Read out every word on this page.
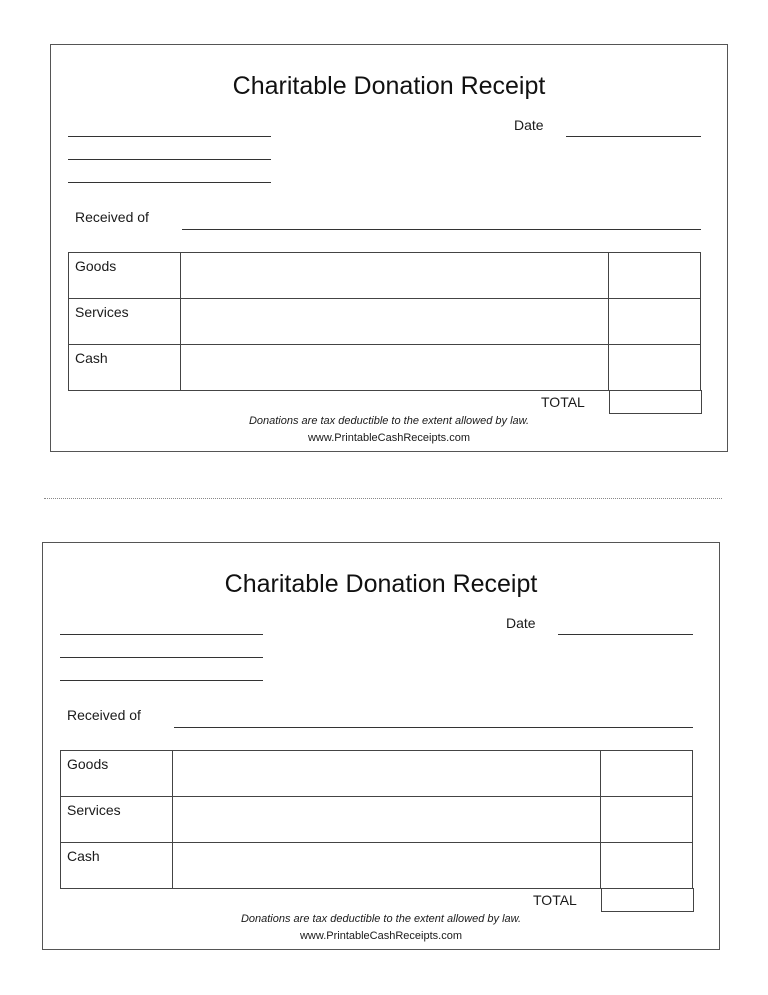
Charitable Donation Receipt
Date
Received of
Goods		
Services		
Cash		
TOTAL
Donations are tax deductible to the extent allowed by law.
www.PrintableCashReceipts.com
Charitable Donation Receipt
Date
Received of
Goods		
Services		
Cash		
TOTAL
Donations are tax deductible to the extent allowed by law.
www.PrintableCashReceipts.com
